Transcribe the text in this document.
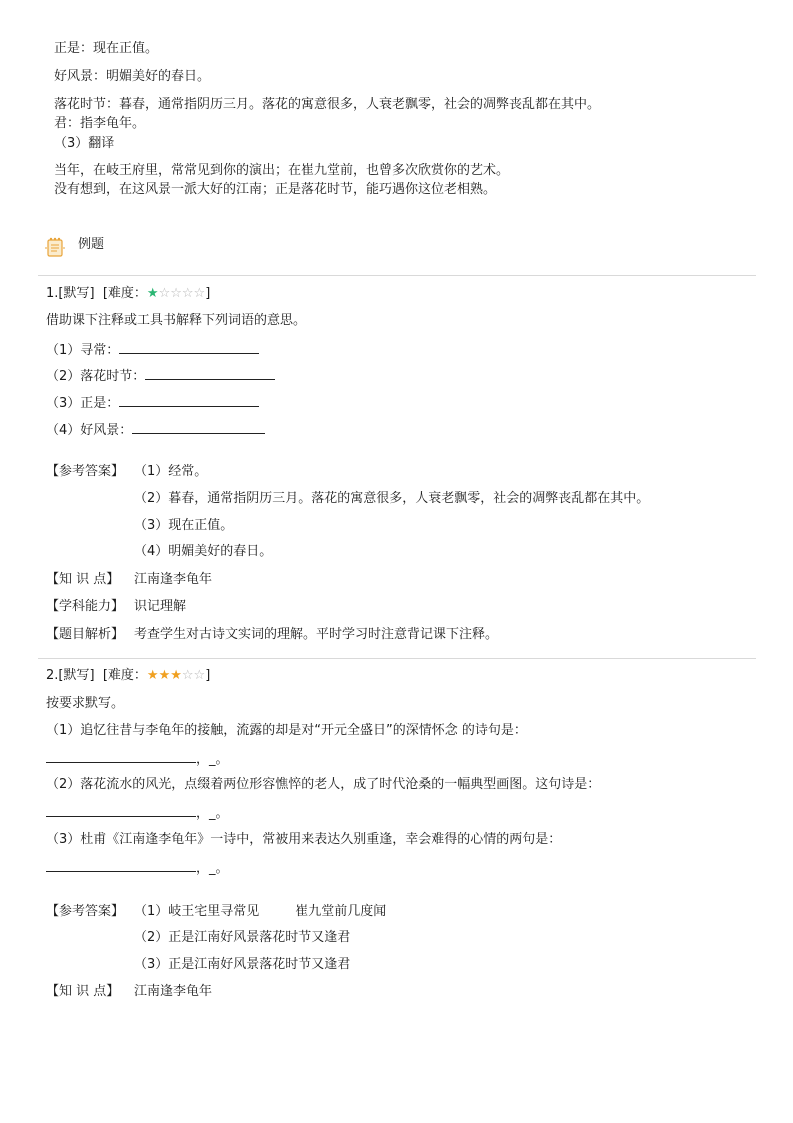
正是：现在正值。
好风景：明媚美好的春日。
落花时节：暮春，通常指阴历三月。落花的寓意很多，人衰老飘零，社会的凋弊丧乱都在其中。
君：指李龟年。
（3）翻译
当年，在岐王府里，常常见到你的演出；在崔九堂前，也曾多次欣赏你的艺术。
没有想到，在这风景一派大好的江南；正是落花时节，能巧遇你这位老相熟。
例题
1.[默写] [难度：★☆☆☆☆]
借助课下注释或工具书解释下列词语的意思。
（1）寻常：
（2）落花时节：
（3）正是：
（4）好风景：
【参考答案】 （1）经常。
（2）暮春，通常指阴历三月。落花的寓意很多，人衰老飘零，社会的凋弊丧乱都在其中。
（3）现在正值。
（4）明媚美好的春日。
【知 识 点】 江南逢李龟年
【学科能力】 识记理解
【题目解析】 考查学生对古诗文实词的理解。平时学习时注意背记课下注释。
2.[默写] [难度：★★★☆☆]
按要求默写。
（1）追忆往昔与李龟年的接触，流露的却是对“开元全盛日”的深情怀念 的诗句是：
，_。
（2）落花流水的风光，点缀着两位形容憔悴的老人，成了时代沧桑的一幅典型画图。这句诗是：
，_。
（3）杜甫《江南逢李龟年》一诗中，常被用来表达久别重逢，幸会难得的心情的两句是：
，_。
【参考答案】 （1）岐王宅里寻常见	崔九堂前几度闻
（2）正是江南好风景落花时节又逢君
（3）正是江南好风景落花时节又逢君
【知 识 点】 江南逢李龟年
